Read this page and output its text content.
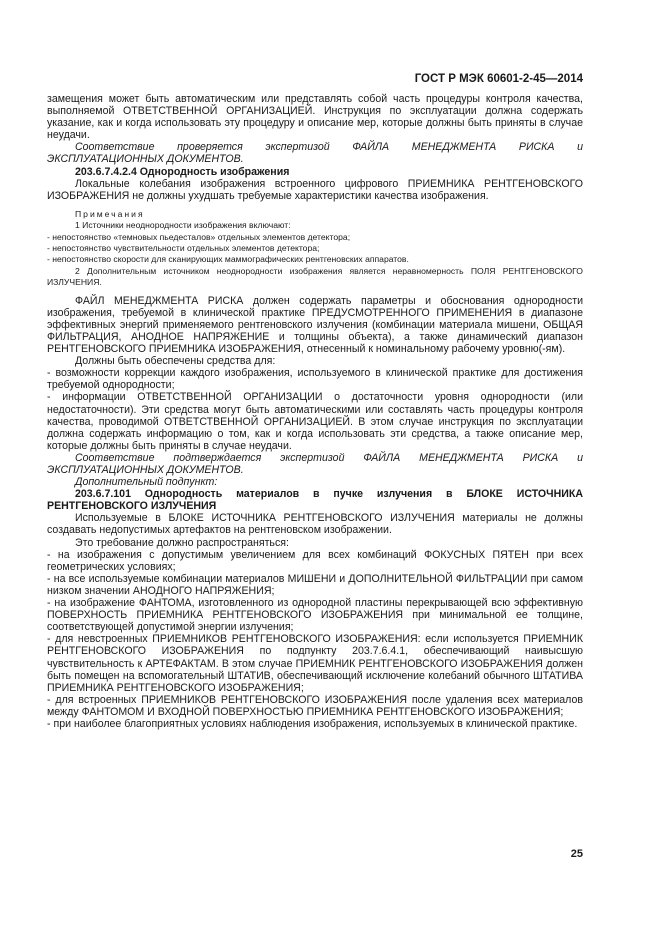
ГОСТ Р МЭК 60601-2-45—2014

замещения может быть автоматическим или представлять собой часть процедуры контроля качества, выполняемой ОТВЕТСТВЕННОЙ ОРГАНИЗАЦИЕЙ. Инструкция по эксплуатации должна содержать указание, как и когда использовать эту процедуру и описание мер, которые должны быть приняты в случае неудачи.

Соответствие проверяется экспертизой ФАЙЛА МЕНЕДЖМЕНТА РИСКА и ЭКСПЛУАТАЦИОННЫХ ДОКУМЕНТОВ.

203.6.7.4.2.4 Однородность изображения

Локальные колебания изображения встроенного цифрового ПРИЕМНИКА РЕНТГЕНОВСКОГО ИЗОБРАЖЕНИЯ не должны ухудшать требуемые характеристики качества изображения.

Примечания

1 Источники неоднородности изображения включают:

- непостоянство «темновых пьедесталов» отдельных элементов детектора;

- непостоянство чувствительности отдельных элементов детектора;

- непостоянство скорости для сканирующих маммографических рентгеновских аппаратов.

2 Дополнительным источником неоднородности изображения является неравномерность ПОЛЯ РЕНТГЕНОВСКОГО ИЗЛУЧЕНИЯ.

ФАЙЛ МЕНЕДЖМЕНТА РИСКА должен содержать параметры и обоснования однородности изображения, требуемой в клинической практике ПРЕДУСМОТРЕННОГО ПРИМЕНЕНИЯ в диапазоне эффективных энергий применяемого рентгеновского излучения (комбинации материала мишени, ОБЩАЯ ФИЛЬТРАЦИЯ, АНОДНОЕ НАПРЯЖЕНИЕ и толщины объекта), а также динамический диапазон РЕНТГЕНОВСКОГО ПРИЕМНИКА ИЗОБРАЖЕНИЯ, отнесенный к номинальному рабочему уровню(-ям).

Должны быть обеспечены средства для:

- возможности коррекции каждого изображения, используемого в клинической практике для достижения требуемой однородности;

- информации ОТВЕТСТВЕННОЙ ОРГАНИЗАЦИИ о достаточности уровня однородности (или недостаточности). Эти средства могут быть автоматическими или составлять часть процедуры контроля качества, проводимой ОТВЕТСТВЕННОЙ ОРГАНИЗАЦИЕЙ. В этом случае инструкция по эксплуатации должна содержать информацию о том, как и когда использовать эти средства, а также описание мер, которые должны быть приняты в случае неудачи.

Соответствие подтверждается экспертизой ФАЙЛА МЕНЕДЖМЕНТА РИСКА и ЭКСПЛУАТАЦИОННЫХ ДОКУМЕНТОВ.

Дополнительный подпункт:

203.6.7.101 Однородность материалов в пучке излучения в БЛОКЕ ИСТОЧНИКА РЕНТГЕНОВСКОГО ИЗЛУЧЕНИЯ

Используемые в БЛОКЕ ИСТОЧНИКА РЕНТГЕНОВСКОГО ИЗЛУЧЕНИЯ материалы не должны создавать недопустимых артефактов на рентгеновском изображении.

Это требование должно распространяться:

- на изображения с допустимым увеличением для всех комбинаций ФОКУСНЫХ ПЯТЕН при всех геометрических условиях;

- на все используемые комбинации материалов МИШЕНИ и ДОПОЛНИТЕЛЬНОЙ ФИЛЬТРАЦИИ при самом низком значении АНОДНОГО НАПРЯЖЕНИЯ;

- на изображение ФАНТОМА, изготовленного из однородной пластины перекрывающей всю эффективную ПОВЕРХНОСТЬ ПРИЕМНИКА РЕНТГЕНОВСКОГО ИЗОБРАЖЕНИЯ при минимальной ее толщине, соответствующей допустимой энергии излучения;

- для невстроенных ПРИЕМНИКОВ РЕНТГЕНОВСКОГО ИЗОБРАЖЕНИЯ: если используется ПРИЕМНИК РЕНТГЕНОВСКОГО ИЗОБРАЖЕНИЯ по подпункту 203.7.6.4.1, обеспечивающий наивысшую чувствительность к АРТЕФАКТАМ. В этом случае ПРИЕМНИК РЕНТГЕНОВСКОГО ИЗОБРАЖЕНИЯ должен быть помещен на вспомогательный ШТАТИВ, обеспечивающий исключение колебаний обычного ШТАТИВА ПРИЕМНИКА РЕНТГЕНОВСКОГО ИЗОБРАЖЕНИЯ;

- для встроенных ПРИЕМНИКОВ РЕНТГЕНОВСКОГО ИЗОБРАЖЕНИЯ после удаления всех материалов между ФАНТОМОМ И ВХОДНОЙ ПОВЕРХНОСТЬЮ ПРИЕМНИКА РЕНТГЕНОВСКОГО ИЗОБРАЖЕНИЯ;

- при наиболее благоприятных условиях наблюдения изображения, используемых в клинической практике.

25
